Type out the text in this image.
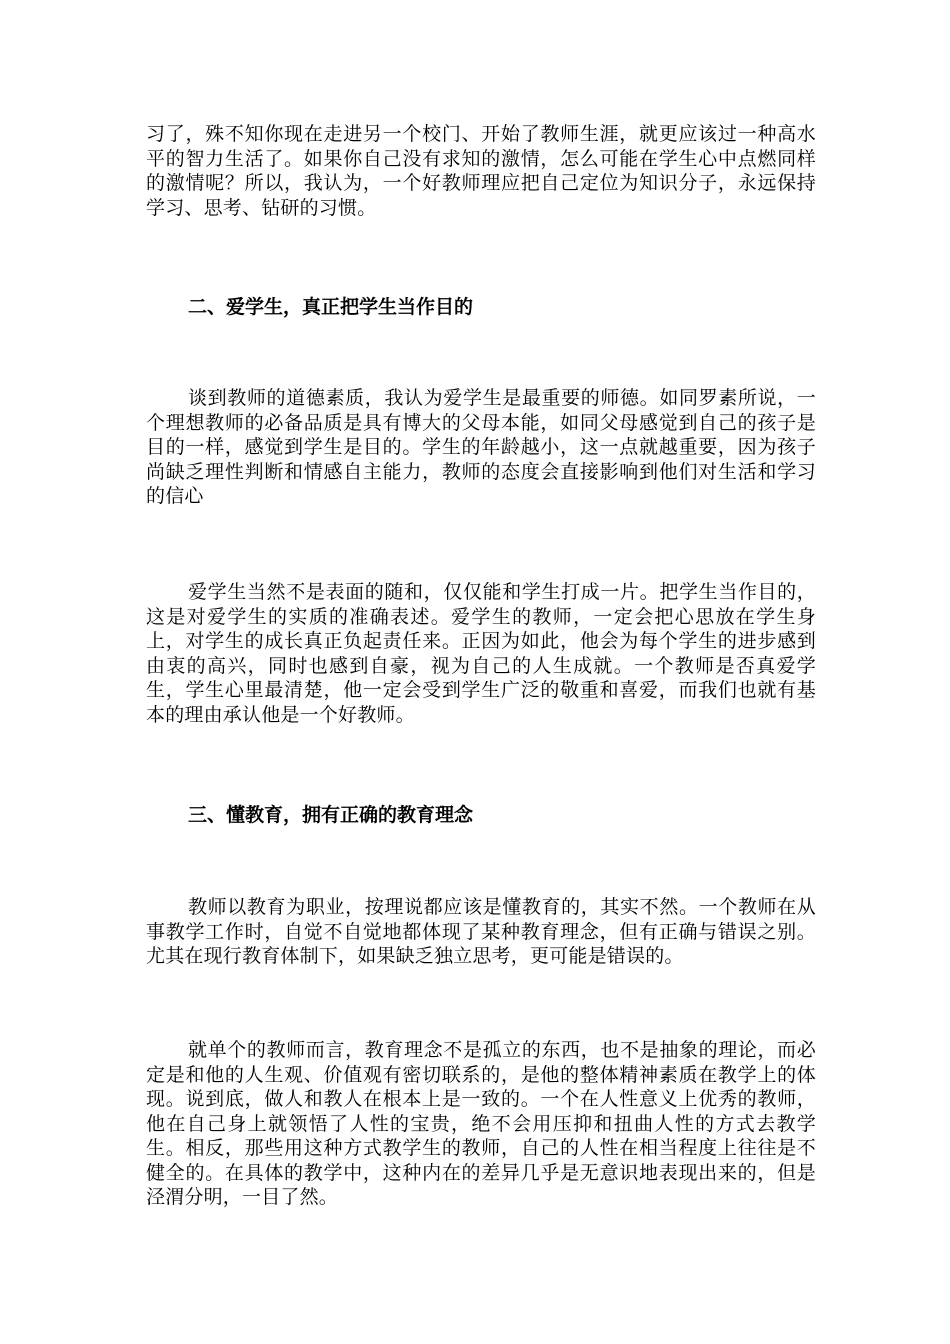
习了，殊不知你现在走进另一个校门、开始了教师生涯，就更应该过一种高水平的智力生活了。如果你自己没有求知的激情，怎么可能在学生心中点燃同样的激情呢？所以，我认为，一个好教师理应把自己定位为知识分子，永远保持学习、思考、钻研的习惯。

二、爱学生，真正把学生当作目的

谈到教师的道德素质，我认为爱学生是最重要的师德。如同罗素所说，一个理想教师的必备品质是具有博大的父母本能，如同父母感觉到自己的孩子是目的一样，感觉到学生是目的。学生的年龄越小，这一点就越重要，因为孩子尚缺乏理性判断和情感自主能力，教师的态度会直接影响到他们对生活和学习的信心

爱学生当然不是表面的随和，仅仅能和学生打成一片。把学生当作目的，这是对爱学生的实质的准确表述。爱学生的教师，一定会把心思放在学生身上，对学生的成长真正负起责任来。正因为如此，他会为每个学生的进步感到由衷的高兴，同时也感到自豪，视为自己的人生成就。一个教师是否真爱学生，学生心里最清楚，他一定会受到学生广泛的敬重和喜爱，而我们也就有基本的理由承认他是一个好教师。

三、懂教育，拥有正确的教育理念

教师以教育为职业，按理说都应该是懂教育的，其实不然。一个教师在从事教学工作时，自觉不自觉地都体现了某种教育理念，但有正确与错误之别。尤其在现行教育体制下，如果缺乏独立思考，更可能是错误的。

就单个的教师而言，教育理念不是孤立的东西，也不是抽象的理论，而必定是和他的人生观、价值观有密切联系的，是他的整体精神素质在教学上的体现。说到底，做人和教人在根本上是一致的。一个在人性意义上优秀的教师，他在自己身上就领悟了人性的宝贵，绝不会用压抑和扭曲人性的方式去教学生。相反，那些用这种方式教学生的教师，自己的人性在相当程度上往往是不健全的。在具体的教学中，这种内在的差异几乎是无意识地表现出来的，但是泾渭分明，一目了然。
